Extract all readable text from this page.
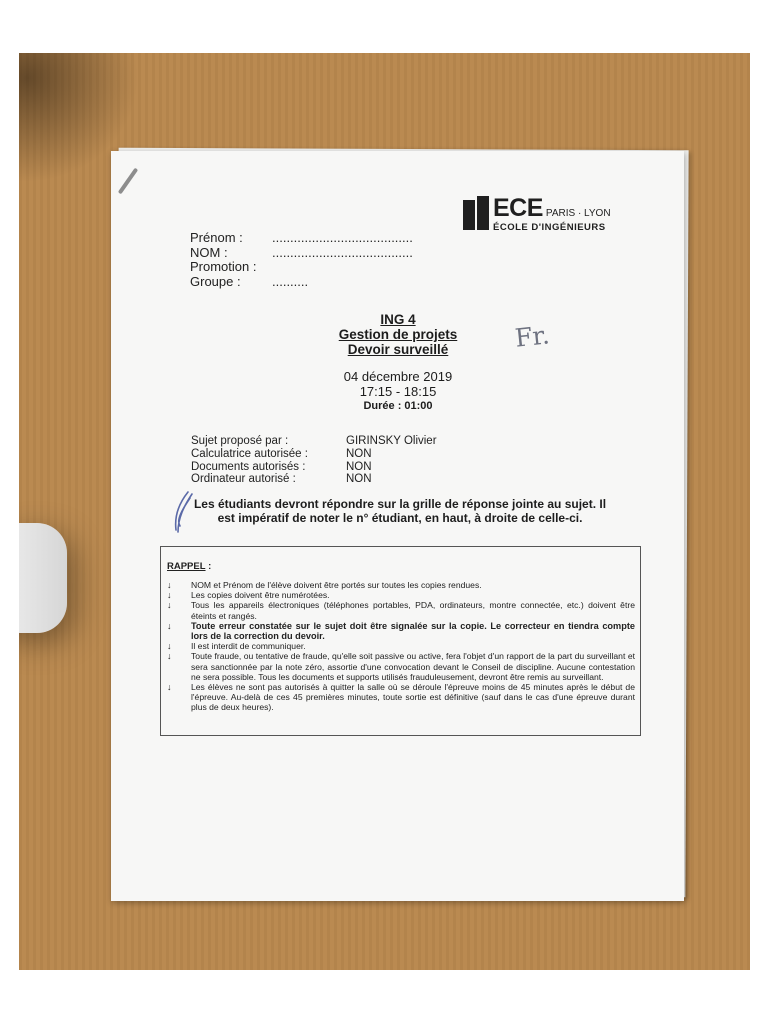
ECE PARIS · LYON
ÉCOLE D'INGÉNIEURS
Prénom :	.......................................
NOM :	.......................................
Promotion :
Groupe :	..........
ING 4
Gestion de projets
Devoir surveillé	Fr.
04 décembre 2019
17:15 - 18:15
Durée : 01:00
Sujet proposé par :	GIRINSKY Olivier
Calculatrice autorisée :	NON
Documents autorisés :	NON
Ordinateur autorisé :	NON
Les étudiants devront répondre sur la grille de réponse jointe au sujet. Il est impératif de noter le n° étudiant, en haut, à droite de celle-ci.
RAPPEL :
↓ NOM et Prénom de l'élève doivent être portés sur toutes les copies rendues.
↓ Les copies doivent être numérotées.
↓ Tous les appareils électroniques (téléphones portables, PDA, ordinateurs, montre connectée, etc.) doivent être éteints et rangés.
↓ Toute erreur constatée sur le sujet doit être signalée sur la copie. Le correcteur en tiendra compte lors de la correction du devoir.
↓ Il est interdit de communiquer.
↓ Toute fraude, ou tentative de fraude, qu'elle soit passive ou active, fera l'objet d'un rapport de la part du surveillant et sera sanctionnée par la note zéro, assortie d'une convocation devant le Conseil de discipline. Aucune contestation ne sera possible. Tous les documents et supports utilisés frauduleusement, devront être remis au surveillant.
↓ Les élèves ne sont pas autorisés à quitter la salle où se déroule l'épreuve moins de 45 minutes après le début de l'épreuve. Au-delà de ces 45 premières minutes, toute sortie est définitive (sauf dans le cas d'une épreuve durant plus de deux heures).
